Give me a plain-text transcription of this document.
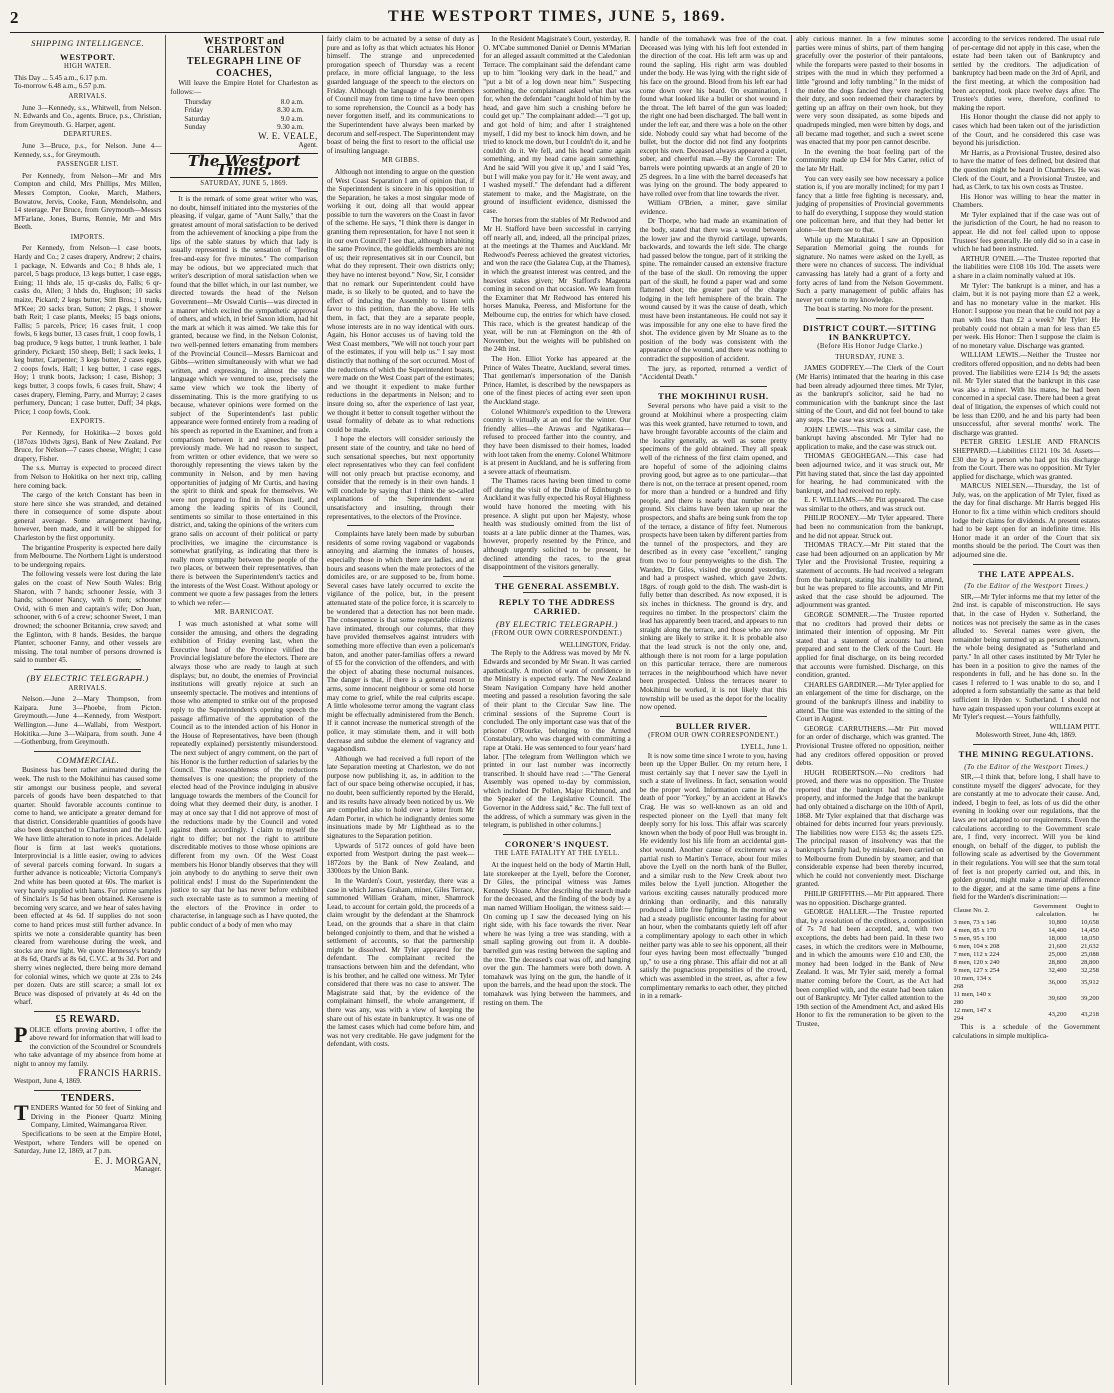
2	THE WESTPORT TIMES, JUNE 5, 1869.
SHIPPING INTELLIGENCE.
WESTPORT.
HIGH WATER.
This Day ... 5.45 a.m., 6.17 p.m.
To-morrow 6.48 a.m., 6.57 p.m.
ARRIVALS.

June 3—Kennedy, s.s., Whitwell, from Nelson. N. Edwards and Co., agents. Bruce, p.s., Christian, from Greymouth. G. Harper, agent.

DEPARTURES.

June 3—Bruce, p.s., for Nelson. June 4—Kennedy, s.s., for Greymouth.

PASSENGER LIST.

Per Kennedy, from Nelson—Mr and Mrs Compton and child, Mrs Phillips, Mrs Millen, Messrs Compton, Cooke, March, Mathers, Bowatow, Jervis, Cooke, Faun, Mendelsohn, and 14 steerage. Per Bruce, from Greymouth—Messrs M'Farlane, Jones, Burns, Rennie, Mr and Mrs Beeth.

IMPORTS.

Per Kennedy, from Nelson—1 case boots, Hardy and Co.; 2 cases drapery, Andrew; 2 chairs, 1 package, N. Edwards and Co.; 8 hhds ale, 1 parcel, 5 bags produce, 13 kegs butter, 1 case eggs, Euing; 11 hhds ale, 15 qr-casks do, Falls; 6 qr-casks do, Allen; 3 hhds do, Hughson; 10 sacks maize, Pickard; 2 kegs butter, Stitt Bros.; 1 trunk, M'Kee; 20 sacks bran, Sutton; 2 pkgs, 1 shower bath Reit; 1 case plants, Meeks; 15 bags onions, Fallis; 5 parcels, Price; 16 cases fruit, 1 coop fowls, 6 kegs butter, 13 cases fruit, 1 coop fowls, 1 bag produce, 9 kegs butter, 1 trunk leather, 1 bale grindery, Pickard; 150 sheep, Bell; 1 sack leeks, 1 keg butter, Carpenter; 3 kegs butter, 2 cases eggs, 2 coops fowls, Hall; 1 keg butter, 1 case eggs, Hoy; 1 trunk boots, Jackson; 1 case, Bishop; 3 kegs butter, 3 coops fowls, 6 cases fruit, Shaw; 4 cases drapery, Fleming, Parry, and Murray; 2 cases perfumery, Duncan; 1 case butter, Duff; 34 pkgs, Price; 1 coop fowls, Cook.

EXPORTS.

Per Kennedy, for Hokitika—2 boxes gold (187ozs 10dwts 3grs), Bank of New Zealand. Per Bruce, for Nelson—7 cases cheese, Wright; 1 case drapery, Fisher.

The s.s. Murray is expected to proceed direct from Nelson to Hokitika on her next trip, calling here coming back.

The cargo of the ketch Constant has been in store here since she was stranded, and detained there in consequence of some dispute about general average. Some arrangement having, however, been made, and it will be shipped for Charleston by the first opportunity.

The brigantine Prosperity is expected here daily from Melbourne. The Northern Light is understood to be undergoing repairs.

The following vessels were lost during the late gales on the coast of New South Wales: Brig Sharon, with 7 hands; schooner Jessie, with 3 hands; schooner Nancy, with 6 men; schooner Ovid, with 6 men and captain's wife; Don Juan, schooner, with 6 of a crew; schooner Sweet, 1 man drowned; the schooner Britannia, crew saved; and the Eglinton, with 8 hands. Besides, the barque Planter, schooner Fanny, and other vessels are missing. The total number of persons drowned is said to number 45.

(BY ELECTRIC TELEGRAPH.)
ARRIVALS.

Nelson.—June 2—Mary Thompson, from Kaipara. June 3—Phoebe, from Picton. Greymouth.—June 4—Kennedy, from Westport. Wellington.—June 4—Wallabi, from Westport. Hokitika.—June 3—Waipara, from south. June 4—Gothenburg, from Greymouth.

COMMERCIAL.

Business has been rather animated during the week. The rush to the Mokihinui has caused some stir amongst our business people, and several parcels of goods have been despatched to that quarter. Should favorable accounts continue to come to hand, we anticipate a greater demand for that district. Considerable quantities of goods have also been despatched to Charleston and the Lyell. We have little alteration to note in prices. Adelaide flour is firm at last week's quotations. Interprovincial is a little easier, owing to advices of several parcels coming forward. In sugars a further advance is noticeable; Victoria Company's 2nd white has been quoted at 60s. The market is very barely supplied with hams. For prime samples of Sinclair's 1s 5d has been obtained. Kerosene is becoming very scarce, and we hear of sales having been effected at 4s 6d. If supplies do not soon come to hand prices must still further advance. In spirits we note a considerable quantity has been cleared from warehouse during the week, and stocks are now light. We quote Hennessy's brandy at 8s 6d, Otard's at 8s 6d, C.V.C. at 9s 3d. Port and sherry wines neglected, there being more demand for colonial wines, which we quote at 23s to 24s per dozen. Oats are still scarce; a small lot ex Bruce was disposed of privately at 4s 4d on the wharf.

£5 REWARD.
POLICE efforts proving abortive, I offer the above reward for information that will lead to the conviction of the Scoundrel or Scoundrels who take advantage of my absence from home at night to annoy my family.
FRANCIS HARRIS.
Westport, June 4, 1869.
TENDERS.
TENDERS Wanted for 50 feet of Sinking and Driving in the Pioneer Quartz Mining Company, Limited, Waimangaroa River.

Specifications to be seen at the Empire Hotel, Westport, where Tenders will be opened on Saturday, June 12, 1869, at 7 p.m.

E. J. MORGAN,
Manager.
WESTPORT and CHARLESTON
TELEGRAPH LINE OF
COACHES,

Will leave the Empire Hotel for Charleston as follows:—

Thursday	8.0 a.m.
Friday	8.30 a.m.
Saturday	9.0 a.m.
Sunday	9.30 a.m.
W. E. VEALE,
Agent.
The Westport Times.
SATURDAY, JUNE 5, 1869.

It is the remark of some great writer who was, no doubt, himself initiated into the mysteries of the pleasing, if vulgar, game of "Aunt Sally," that the greatest amount of moral satisfaction to be derived from the achievement of knocking a pipe from the lips of the sable statues by which that lady is usually represented is the sensation of "feeling free-and-easy for five minutes." The comparison may be odious, but we appreciated much that writer's description of moral satisfaction when we found that the billet which, in our last number, we directed towards the head of the Nelson Government—Mr Oswald Curtis—was directed in a manner which excited the sympathetic approval of others, and which, in brief Saxon idiom, had hit the mark at which it was aimed. We take this for granted, because we find, in the Nelson Colonist, two well-penned letters emanating from members of the Provincial Council—Messrs Barnicoat and Gibbs—written simultaneously with what we had written, and expressing, in almost the same language which we ventured to use, precisely the same view which we took the liberty of disseminating. This is the more gratifying to us because, whatever opinions were formed on the subject of the Superintendent's last public appearance were formed entirely from a reading of his speech as reported in the Examiner, and from a comparison between it and speeches he had previously made. We had no reason to suspect, from written or other evidence, that we were so thoroughly representing the views taken by the community in Nelson, and by men having opportunities of judging of Mr Curtis, and having the spirit to think and speak for themselves. We were not prepared to find in Nelson itself, and among the leading spirits of its Council, sentiments so similar to those entertained in this district, and, taking the opinions of the writers cum grano salis on account of their political or party proclivities, we imagine the circumstance is somewhat gratifying, as indicating that there is really more sympathy between the people of the two places, or between their representatives, than there is between the Superintendent's tactics and the interests of the West Coast. Without apology or comment we quote a few passages from the letters to which we refer:—

MR. BARNICOAT.

I was much astonished at what some will consider the amusing, and others the degrading exhibition of Friday evening last, when the Executive head of the Province vilified the Provincial legislature before the electors. There are always those who are ready to laugh at such displays; but, no doubt, the enemies of Provincial institutions will greatly rejoice at such an unseemly spectacle. The motives and intentions of those who attempted to strike out of the proposed reply to the Superintendent's opening speech the passage affirmative of the approbation of the Council as to the intended action of his Honor in the House of Representatives, have been (though repeatedly explained) persistently misunderstood. The next subject of angry comment, on the part of his Honor is the further reduction of salaries by the Council. The reasonableness of the reductions themselves is one question; the propriety of the elected head of the Province indulging in abusive language towards the members of the Council for doing what they deemed their duty, is another. I may at once say that I did not approve of most of the reductions made by the Council and voted against them accordingly. I claim to myself the right to differ; but not the right to attribute discreditable motives to those whose opinions are different from my own. Of the West Coast members his Honor blandly observes that they will join anybody to do anything to serve their own political ends! I must do the Superintendent the justice to say that he has never before exhibited such execrable taste as to summon a meeting of the electors of the Province in order to characterise, in language such as I have quoted, the public conduct of a body of men who may

fairly claim to be actuated by a sense of duty as pure and as lofty as that which actuates his Honor himself. The strange and unprecedented prorogation speech of Thursday was a recent preface, in more official language, to the less guarded language of the speech to the electors on Friday. Although the language of a few members of Council may from time to time have been open to some reprehension, the Council as a body has never forgotten itself, and its communications to the Superintendent have always been marked by decorum and self-respect. The Superintendent may boast of being the first to resort to the official use of insulting language.

MR GIBBS.

Although not intending to argue on the question of West Coast Separation I am of opinion that, if the Superintendent is sincere in his opposition to the Separation, he takes a most singular mode of working it out, doing all that would appear possible to turn the waverers on the Coast in favor of the scheme. He says, "I think there is danger in granting them representation, for have I not seen it in our own Council? I see that, although inhabiting the same Province, the goldfields members are not of us; their representatives sit in our Council, but what do they represent. Their own districts only; they have no interest beyond." Now, Sir, I consider that no remark our Superintendent could have made, is so likely to be quoted, and to have the effect of inducing the Assembly to listen with favor to this petition, than the above. He tells them, in fact, that they are a separate people, whose interests are in no way identical with ours. Again, his Honor accuses us of having told the West Coast members, "We will not touch your part of the estimates, if you will help us." I say most distinctly that nothing of the sort occurred. Most of the reductions of which the Superintendent boasts, were made on the West Coast part of the estimates; and we thought it expedient to make further reductions in the departments in Nelson; and to insure doing so, after the experience of last year, we thought it better to consult together without the usual formality of debate as to what reductions could be made.

I hope the electors will consider seriously the present state of the country, and take no heed of such sensational speeches, but next opportunity elect representatives who they can feel confident will not only preach but practise economy, and consider that the remedy is in their own hands. I will conclude by saying that I think the so-called explanations of the Superintendent were unsatisfactory and insulting, through their representatives, to the electors of the Province.

Complaints have lately been made by suburban residents of some roving vagabond or vagabonds annoying and alarming the inmates of houses, especially those in which there are ladies, and at hours and seasons when the male protectors of the domiciles are, or are supposed to be, from home. Several cases have lately occurred to excite the vigilance of the police, but, in the present attenuated state of the police force, it is scarcely to be wondered that a detection has not been made. The consequence is that some respectable citizens have intimated, through our columns, that they have provided themselves against intruders with something more effective than even a policeman's baton, and another pater-familias offers a reward of £5 for the conviction of the offenders, and with the object of abating these nocturnal nuisances. The danger is that, if there is a general resort to arms, some innocent neighbour or some old horse may come to grief, while the real culprits escape. A little wholesome terror among the vagrant class might be effectually administered from the Bench. If it cannot increase the numerical strength of the police, it may stimulate them, and it will both decrease and subdue the element of vagrancy and vagabondism.

Although we had received a full report of the late Separation meeting at Charleston, we do not purpose now publishing it, as, in addition to the fact of our space being otherwise occupied, it has, no doubt, been sufficiently reported by the Herald, and its results have already been noticed by us. We are compelled also to hold over a letter from Mr Adam Porter, in which he indignantly denies some insinuations made by Mr Lighthead as to the signatures to the Separation petition.

Upwards of 5172 ounces of gold have been exported from Westport during the past week—1872ozs by the Bank of New Zealand, and 3300ozs by the Union Bank.

In the Warden's Court, yesterday, there was a case in which James Graham, miner, Giles Terrace, summoned William Graham, miner, Shamrock Lead, to account for certain gold, the proceeds of a claim wrought by the defendant at the Shamrock Lead, on the grounds that a share in that claim belonged conjointly to them, and that he wished a settlement of accounts, so that the partnership might be dissolved. Mr Tyler appeared for the defendant. The complainant recited the transactions between him and the defendant, who is his brother, and he called one witness. Mr Tyler considered that there was no case to answer. The Magistrate said that, by the evidence of the complainant himself, the whole arrangement, if there was any, was with a view of keeping the share out of his estate in bankruptcy. It was one of the lamest cases which had come before him, and was not very creditable. He gave judgment for the defendant, with costs.

In the Resident Magistrate's Court, yesterday, R. O. M'Cabe summoned Daniel or Dennis M'Marian for an alleged assault committed at the Caledonian Terrace. The complainant said the defendant came up to him "looking very dark in the head," and "put a bit of a log down near him." Suspecting something, the complainant asked what that was for, when the defendant "caught hold of him by the head, and gave him such a crushing before he could get up." The complainant added:—"I got up, and got hold of him; and after I straightened myself, I did my best to knock him down, and he tried to knock me down, but I couldn't do it, and he couldn't do it. We fell, and his head came again something, and my head came again something. And he said 'Will you give it up,' and I said 'Yes, but I will make you pay for it.' He went away, and I washed myself." The defendant had a different statement to make, and the Magistrate, on the ground of insufficient evidence, dismissed the case.

The horses from the stables of Mr Redwood and Mr H. Stafford have been successful in carrying off nearly all, and, indeed, all the principal prizes, at the meetings at the Thames and Auckland. Mr Redwood's Peeress achieved the greatest victories, and won the race (the Galatea Cup, at the Thames), in which the greatest interest was centred, and the heaviest stakes given; Mr Stafford's Magenta coming in second on that occasion. We learn from the Examiner that Mr Redwood has entered his horses Manuka, Peeress, and Misfortune for the Melbourne cup, the entries for which have closed. This race, which is the greatest handicap of the year, will be run at Flemington on the 4th of November, but the weights will be published on the 24th inst.

The Hon. Elliot Yorke has appeared at the Prince of Wales Theatre, Auckland, several times. That gentleman's impersonation of the Danish Prince, Hamlet, is described by the newspapers as one of the finest pieces of acting ever seen upon the Auckland stage.

Colonel Whitmore's expedition to the Urewera country is virtually at an end for the winter. Our friendly allies—the Arawas and Ngatikaraa—refused to proceed farther into the country, and they have been dismissed to their homes, loaded with loot taken from the enemy. Colonel Whitmore is at present in Auckland, and he is suffering from a severe attack of rheumatism.

The Thames races having been timed to come off during the visit of the Duke of Edinburgh to Auckland it was fully expected his Royal Highness would have honored the meeting with his presence. A slight put upon her Majesty, whose health was studiously omitted from the list of toasts at a late public dinner at the Thames, was, however, properly resented by the Prince, and although urgently solicited to be present, he declined attending the races, to the great disappointment of the visitors generally.

THE GENERAL ASSEMBLY.
REPLY TO THE ADDRESS CARRIED.
(BY ELECTRIC TELEGRAPH.)
(FROM OUR OWN CORRESPONDENT.)
WELLINGTON, Friday.

The Reply to the Address was moved by Mr N. Edwards and seconded by Mr Swan. It was carried apathetically. A motion of want of confidence in the Ministry is expected early. The New Zealand Steam Navigation Company have held another meeting and passed a resolution favoring the sale of their plant to the Circular Saw line. The criminal sessions of the Supreme Court is concluded. The only important case was that of the prisoner O'Rourke, belonging to the Armed Constabulary, who was charged with committing a rape at Otaki. He was sentenced to four years' hard labor. [The telegram from Wellington which we printed in our last number was incorrectly transcribed. It should have read :—"The General Assembly was opened to-day by commission, which included Dr Pollen, Major Richmond, and the Speaker of the Legislative Council. The Governor in the Address said," &c. The full text of the address, of which a summary was given in the telegram, is published in other columns.]

CORONER'S INQUEST.
THE LATE FATALITY AT THE LYELL.

At the inquest held on the body of Martin Hull, late storekeeper at the Lyell, before the Coroner, Dr Giles, the principal witness was James Kennedy Sloane. After describing the search made for the deceased, and the finding of the body by a man named William Hooligan, the witness said:—On coming up I saw the deceased lying on his right side, with his face towards the river. Near where he was lying a tree was standing, with a small sapling growing out from it. A double-barrelled gun was resting between the sapling and the tree. The deceased's coat was off, and hanging over the gun. The hammers were both down. A tomahawk was lying on the gun, the handle of it upon the barrels, and the head upon the stock. The tomahawk was lying between the hammers, and resting on them. The

handle of the tomahawk was free of the coat. Deceased was lying with his left foot extended in the direction of the coat. His left arm was up and round the sapling. His right arm was doubled under the body. He was lying with the right side of his face on the ground. Blood from his left ear had come down over his beard. On examination, I found what looked like a bullet or shot wound in the throat. The left barrel of the gun was loaded; the right one had been discharged. The ball went in under the left ear, and there was a hole on the other side. Nobody could say what had become of the bullet, but the doctor did not find any footprints except his own. Deceased always appeared a quiet, sober, and cheerful man.—By the Coroner: The barrels were pointing upwards at an angle of 20 to 25 degrees. In a line with the barrel deceased's hat was lying on the ground. The body appeared to have rolled over from that line towards the river.

William O'Brien, a miner, gave similar evidence.

Dr Thorpe, who had made an examination of the body, stated that there was a wound between the lower jaw and the thyroid cartilage, upwards, backwards, and towards the left side. The charge had passed below the tongue, part of it striking the spine. The remainder caused an extensive fracture of the base of the skull. On removing the upper part of the skull, he found a paper wad and some flattened shot; the greater part of the charge lodging in the left hemisphere of the brain. The wound caused by it was the cause of death, which must have been instantaneous. He could not say it was impossible for any one else to have fired the shot. The evidence given by Mr Sloane as to the position of the body was consistent with the appearance of the wound, and there was nothing to contradict the supposition of accident.

The jury, as reported, returned a verdict of "Accidental Death."

THE MOKIHINUI RUSH.

Several persons who have paid a visit to the ground at Mokihinui where a prospecting claim was this week granted, have returned to town, and have brought favorable accounts of the claim and the locality generally, as well as some pretty specimens of the gold obtained. They all speak well of the richness of the first claim opened, and are hopeful of some of the adjoining claims proving good, but agree as to one particular—that there is not, on the terrace at present opened, room for more than a hundred or a hundred and fifty people, and there is nearly that number on the ground. Six claims have been taken up near the prospectors, and shafts are being sunk from the top of the terrace, a distance of fifty feet. Numerous prospects have been taken by different parties from the tunnel of the prospectors, and they are described as in every case "excellent," ranging from two to four pennyweights to the dish. The Warden, Dr Giles, visited the ground yesterday, and had a prospect washed, which gave 2dwts. 18grs. of rough gold to the dish. The wash-dirt is fully better than described. As now exposed, it is six inches in thickness. The ground is dry, and requires no timber. In the prospectors' claim the lead has apparently been traced, and appears to run straight along the terrace, and those who are now sinking are likely to strike it. It is probable also that the lead struck is not the only one, and, although there is not room for a large population on this particular terrace, there are numerous terraces in the neighbourhood which have never been prospected. Unless the terraces nearer to Mokihinui be worked, it is not likely that this township will be used as the depot for the locality now opened.

BULLER RIVER.
(FROM OUR OWN CORRESPONDENT.)
LYELL, June 1.

It is now some time since I wrote to you, having been up the Upper Buller. On my return here, I must certainly say that I never saw the Lyell in such a state of liveliness. In fact, sensation would be the proper word. Information came in of the death of poor "Yorkey," by an accident at Hawk's Crag. He was so well-known as an old and respected pioneer on the Lyell that many felt deeply sorry for his loss. This affair was scarcely known when the body of poor Hull was brought in. He evidently lost his life from an accidental gun-shot wound. Another cause of excitement was a partial rush to Martin's Terrace, about four miles above the Lyell on the north bank of the Buller, and a similar rush to the New Creek about two miles below the Lyell junction. Altogether the various exciting causes naturally produced more drinking than ordinarily, and this naturally produced a little free fighting. In the morning we had a steady pugilistic encounter lasting for about an hour, when the combatants quietly left off after a complimentary apology to each other in which neither party was able to see his opponent, all their four eyes having been most effectually "bunged up," to use a ring phrase. This affair did not at all satisfy the pugnacious propensities of the crowd, which was assembled in the street, as, after a few complimentary remarks to each other, they pitched in in a remark-

ably curious manner. In a few minutes some parties were minus of shirts, part of them hanging gracefully over the posterior of their pantaloons, while the foreparts were pasted to their bosoms in stripes with the mud in which they performed a little "ground and lofty tumbling." In the midst of the melee the dogs fancied they were neglecting their duty, and soon redeemed their characters by getting up an affray on their own hook, but they were very soon dissipated, as some bipeds and quadrupeds mingled, men were bitten by dogs, and all became mad together, and such a sweet scene was enacted that my poor pen cannot describe.

In the evening the boat feeling part of the community made up £34 for Mrs Carter, relict of the late Mr Hall.

You can very easily see how necessary a police station is, if you are morally inclined; for my part I fancy that a little free fighting is necessary, and, judging of propensities of Provincial governments to half do everything, I suppose they would station one policeman here, and that they had better let alone—let them see to that.

While up the Matakitaki I saw an Opposition Separation Memorial going the rounds for signature. No names were asked on the Lyell, as there were no chances of success. The individual canvassing has lately had a grant of a forty and forty acres of land from the Nelson Government. Such a party management of public affairs has never yet come to my knowledge.

The boat is starting. No more for the present.

DISTRICT COURT.—SITTING IN BANKRUPTCY.
(Before His Honor Judge Clarke.)
THURSDAY, JUNE 3.

JAMES GODFREY.—The Clerk of the Court (Mr Harris) intimated that the hearing in this case had been already adjourned three times. Mr Tyler, as the bankrupt's solicitor, said he had no communication with the bankrupt since the last sitting of the Court, and did not feel bound to take any steps. The case was struck out.

JOHN LEWIS.—This was a similar case, the bankrupt having absconded. Mr Tyler had no application to make, and the case was struck out.

THOMAS GEOGHEGAN.—This case had been adjourned twice, and it was struck out, Mr Pitt having stated that, since the last day appointed for hearing, he had communicated with the bankrupt, and had received no reply.

E. F. WILLIAMS.—Mr Pitt appeared. The case was similar to the others, and was struck out.

PHILIP ROONEY.—Mr Tyler appeared. There had been no communication from the bankrupt, and he did not appear. Struck out.

THOMAS TRACY.—Mr Pitt stated that the case had been adjourned on an application by Mr Tyler and the Provisional Trustee, requiring a statement of accounts. He had received a telegram from the bankrupt, stating his inability to attend, but he was prepared to file accounts, and Mr Pitt asked that the case should be adjourned. The adjournment was granted.

GEORGE SOMNER.—The Trustee reported that no creditors had proved their debts or intimated their intention of opposing. Mr Pitt stated that a statement of accounts had been prepared and sent to the Clerk of the Court. He applied for final discharge, on its being recorded that accounts were furnished. Discharge, on this condition, granted.

CHARLES GARDINER.—Mr Tyler applied for an enlargement of the time for discharge, on the ground of the bankrupt's illness and inability to attend. The time was extended to the sitting of the Court in August.

GEORGE CARRUTHERS.—Mr Pitt moved for an order of discharge, which was granted. The Provisional Trustee offered no opposition, neither had any creditors offered opposition or proved debts.

HUGH ROBERTSON.—No creditors had proved, and there was no opposition. The Trustee reported that the bankrupt had no available property, and informed the Judge that the bankrupt had only obtained a discharge on the 10th of April, 1868. Mr Tyler explained that that discharge was obtained for debts incurred four years previously. The liabilities now were £153 4s; the assets £25. The principal reason of insolvency was that the bankrupt's family had, by mistake, been carried on to Melbourne from Dunedin by steamer, and that considerable expense had been thereby incurred, which he could not conveniently meet. Discharge granted.

PHILIP GRIFFITHS.—Mr Pitt appeared. There was no opposition. Discharge granted.

GEORGE HALLER.—The Trustee reported that, by a resolution of the creditors, a composition of 7s 7d had been accepted, and, with two exceptions, the debts had been paid. In these two cases, in which the creditors were in Melbourne, and in which the amounts were £10 and £30, the money had been lodged in the Bank of New Zealand. It was, Mr Tyler said, merely a formal matter coming before the Court, as the Act had been complied with, and the estate had been taken out of Bankruptcy. Mr Tyler called attention to the 19th section of the Amendment Act, and asked His Honor to fix the remuneration to be given to the Trustee,

according to the services rendered. The usual rule of per-centage did not apply in this case, when the estate had been taken out of Bankruptcy and settled by the creditors. The adjudication of bankruptcy had been made on the 3rd of April, and the first meeting, at which the composition had been accepted, took place twelve days after. The Trustee's duties were, therefore, confined to making the report.

His Honor thought the clause did not apply to cases which had been taken out of the jurisdiction of the Court, and he considered this case was beyond his jurisdiction.

Mr Harris, as a Provisional Trustee, desired also to have the matter of fees defined, but desired that the question might be heard in Chambers. He was Clerk of the Court, and a Provisional Trustee, and had, as Clerk, to tax his own costs as Trustee.

His Honor was willing to hear the matter in Chambers.

Mr Tyler explained that if the case was out of the jurisdiction of the Court, he had no reason to appear. He did not feel called upon to oppose Trustees' fees generally. He only did so in a case in which he had been instructed.

ARTHUR O'NEIL.—The Trustee reported that the liabilities were £108 10s 10d. The assets were a share in a claim nominally valued at 10s.

Mr Tyler: The bankrupt is a miner, and has a claim, but it is not paying more than £2 a week, and has no monetary value in the market. His Honor: I suppose you mean that he could not pay a man with less than £2 a week? Mr Tyler: He probably could not obtain a man for less than £5 per week. His Honor: Then I suppose the claim is of no monetary value. Discharge was granted.

WILLIAM LEWIS.—Neither the Trustee nor creditors offered opposition, and no debts had been proved. The liabilities were £214 1s 9d; the assets nil. Mr Tyler stated that the bankrupt in this case was also a miner. With his mates, he had been concerned in a special case. There had been a great deal of litigation, the expenses of which could not be less than £200, and he and his party had been unsuccessful, after several months' work. The discharge was granted.

PETER GREIG LESLIE AND FRANCIS SHEPPARD.—Liabilities £1121 10s 3d. Assets—£30 due by a person who had got his discharge from the Court. There was no opposition. Mr Tyler applied for discharge, which was granted.

MARCUS NIELSEN.—Thursday, the 1st of July, was, on the application of Mr Tyler, fixed as the day for final discharge. Mr Harris begged His Honor to fix a time within which creditors should lodge their claims for dividends. At present estates had to be kept open for an indefinite time. His Honor made it an order of the Court that six months should be the period. The Court was then adjourned sine die.

THE LATE APPEALS.
(To the Editor of the Westport Times.)

SIR,—Mr Tyler informs me that my letter of the 2nd inst. is capable of misconstruction. He says that, in the case of Hyden v. Sutherland, the notices was not precisely the same as in the cases alluded to. Several names were given, the remainder being summed up as persons unknown, the whole being designated as "Sutherland and party." In all other cases instituted by Mr Tyler he has been in a position to give the names of the respondents in full, and he has done so. In the cases I referred to I was unable to do so, and I adopted a form substantially the same as that held sufficient in Hyden v. Sutherland. I should not have again trespassed upon your columns except at Mr Tyler's request.—Yours faithfully,

WILLIAM PITT.
Molesworth Street, June 4th, 1869.
THE MINING REGULATIONS.
(To the Editor of the Westport Times.)

SIR,—I think that, before long, I shall have to constitute myself the diggers' advocate, for they are constantly at me to advocate their cause. And, indeed, I begin to feel, as lots of us did the other evening in looking over our regulations, that the laws are not adapted to our requirements. Even the calculations according to the Government scale are, I find, very incorrect. Will you be kind enough, on behalf of the digger, to publish the following scale as advertised by the Government in their regulations. You will see that the sum total of feet is not properly carried out, and this, in golden ground, might make a material difference to the digger, and at the same time opens a fine field for the Warden's discrimination:—

Clause No. 2.	Government calculation.	Ought to be
3 men, 73 x 146	10,800	10,658
4 men, 85 x 170	14,400	14,450
5 men, 95 x 190	18,000	18,050
6 men, 104 x 208	21,600	21,632
7 men, 112 x 224	25,000	25,088
8 men, 120 x 240	28,800	28,800
9 men, 127 x 254	32,400	32,258
10 men, 134 x 268	36,000	35,912
11 men, 140 x 280	39,600	39,200
12 men, 147 x 294	43,200	43,218

This is a schedule of the Government calculations in simple multiplica-
